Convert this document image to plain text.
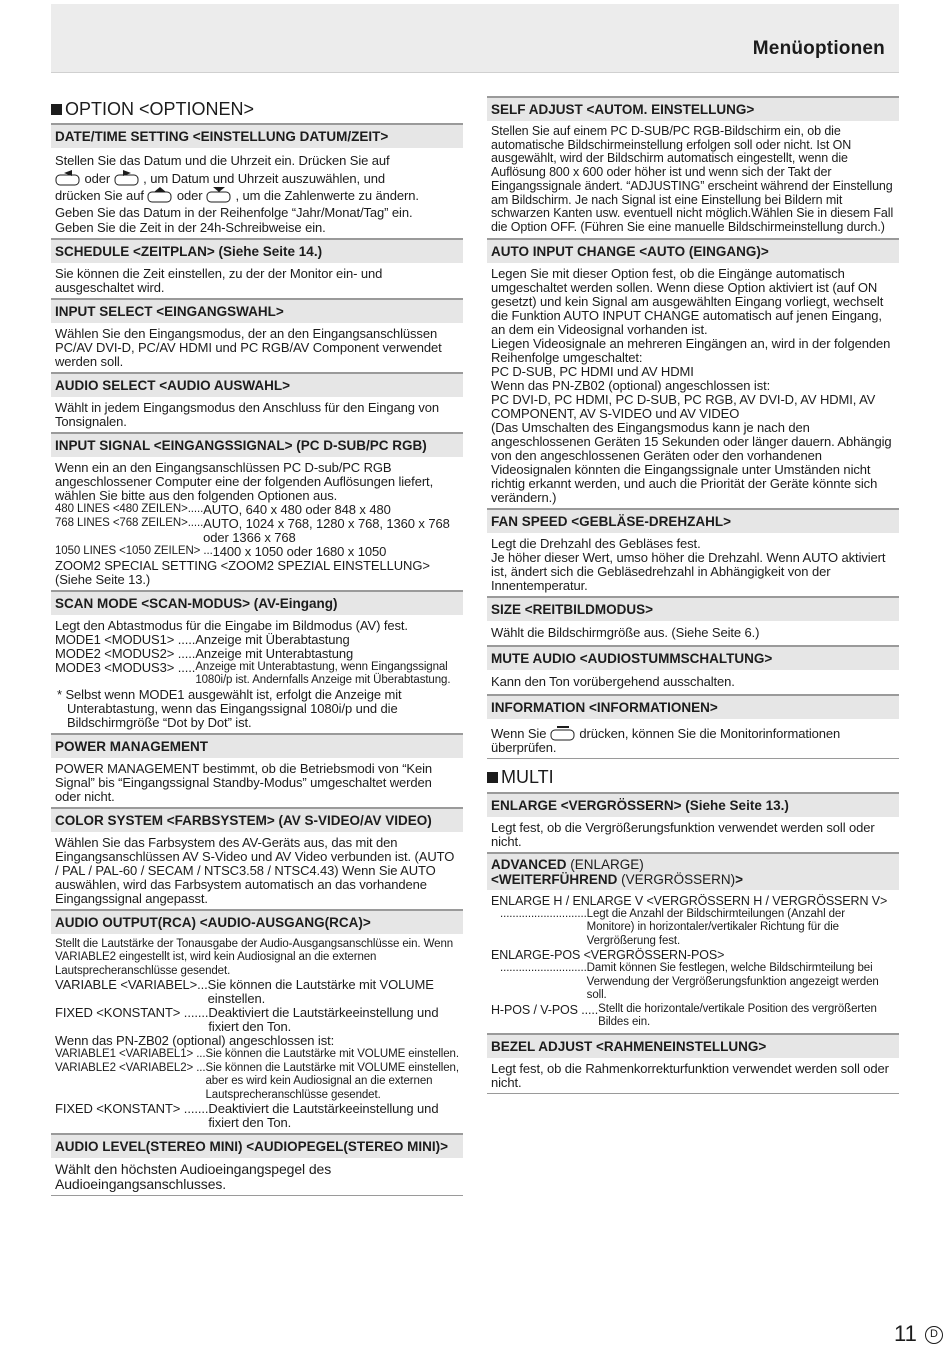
Menüoptionen
OPTION <OPTIONEN>
DATE/TIME SETTING <EINSTELLUNG DATUM/ZEIT>

Stellen Sie das Datum und die Uhrzeit ein. Drücken Sie auf

oder	, um Datum und Uhrzeit auszuwählen, und

drücken Sie auf	oder	, um die Zahlenwerte zu ändern.

Geben Sie das Datum in der Reihenfolge “Jahr/Monat/Tag” ein.

Geben Sie die Zeit in der 24h-Schreibweise ein.

SCHEDULE <ZEITPLAN> (Siehe Seite 14.)
Sie können die Zeit einstellen, zu der der Monitor ein- und ausgeschaltet wird.
INPUT SELECT <EINGANGSWAHL>
Wählen Sie den Eingangsmodus, der an den Eingangsanschlüssen PC/AV DVI-D, PC/AV HDMI und PC RGB/AV Component verwendet werden soll.
AUDIO SELECT <AUDIO AUSWAHL>
Wählt in jedem Eingangsmodus den Anschluss für den Eingang von Tonsignalen.
INPUT SIGNAL <EINGANGSSIGNAL> (PC D-SUB/PC RGB)

Wenn ein an den Eingangsanschlüssen PC D-sub/PC RGB angeschlossener Computer eine der folgenden Auflösungen liefert, wählen Sie bitte aus den folgenden Optionen aus.

480 LINES <480 ZEILEN>..... AUTO, 640 x 480 oder 848 x 480
768 LINES <768 ZEILEN>..... AUTO, 1024 x 768, 1280 x 768, 1360 x 768 oder 1366 x 768
1050 LINES <1050 ZEILEN> ... 1400 x 1050 oder 1680 x 1050

ZOOM2 SPECIAL SETTING <ZOOM2 SPEZIAL EINSTELLUNG> (Siehe Seite 13.)

SCAN MODE <SCAN-MODUS> (AV-Eingang)

Legt den Abtastmodus für die Eingabe im Bildmodus (AV) fest.

MODE1 <MODUS1> ..... Anzeige mit Überabtastung
MODE2 <MODUS2> ..... Anzeige mit Unterabtastung
MODE3 <MODUS3> ..... Anzeige mit Unterabtastung, wenn Eingangssignal 1080i/p ist. Andernfalls Anzeige mit Überabtastung.

* Selbst wenn MODE1 ausgewählt ist, erfolgt die Anzeige mit Unterabtastung, wenn das Eingangssignal 1080i/p und die Bildschirmgröße “Dot by Dot” ist.

POWER MANAGEMENT
POWER MANAGEMENT bestimmt, ob die Betriebsmodi von “Kein Signal” bis “Eingangssignal Standby-Modus” umgeschaltet werden oder nicht.
COLOR SYSTEM <FARBSYSTEM> (AV S-VIDEO/AV VIDEO)
Wählen Sie das Farbsystem des AV-Geräts aus, das mit den Eingangsanschlüssen AV S-Video und AV Video verbunden ist. (AUTO / PAL / PAL-60 / SECAM / NTSC3.58 / NTSC4.43) Wenn Sie AUTO auswählen, wird das Farbsystem automatisch an das vorhandene Eingangssignal angepasst.
AUDIO OUTPUT(RCA) <AUDIO-AUSGANG(RCA)>

Stellt die Lautstärke der Tonausgabe der Audio-Ausgangsanschlüsse ein. Wenn VARIABLE2 eingestellt ist, wird kein Audiosignal an die externen Lautsprecheranschlüsse gesendet.

VARIABLE <VARIABEL>... Sie können die Lautstärke mit VOLUME einstellen.
FIXED <KONSTANT> ....... Deaktiviert die Lautstärkeeinstellung und fixiert den Ton.

Wenn das PN-ZB02 (optional) angeschlossen ist:

VARIABLE1 <VARIABEL1> ... Sie können die Lautstärke mit VOLUME einstellen.
VARIABLE2 <VARIABEL2> ... Sie können die Lautstärke mit VOLUME einstellen, aber es wird kein Audiosignal an die externen Lautsprecheranschlüsse gesendet.
FIXED <KONSTANT> ....... Deaktiviert die Lautstärkeeinstellung und fixiert den Ton.
AUDIO LEVEL(STEREO MINI) <AUDIOPEGEL(STEREO MINI)>
Wählt den höchsten Audioeingangspegel des Audioeingangsanschlusses.
SELF ADJUST <AUTOM. EINSTELLUNG>
Stellen Sie auf einem PC D-SUB/PC RGB-Bildschirm ein, ob die automatische Bildschirmeinstellung erfolgen soll oder nicht. Ist ON ausgewählt, wird der Bildschirm automatisch eingestellt, wenn die Auflösung 800 x 600 oder höher ist und wenn sich der Takt der Eingangssignale ändert. “ADJUSTING” erscheint während der Einstellung am Bildschirm. Je nach Signal ist eine Einstellung bei Bildern mit schwarzen Kanten usw. eventuell nicht möglich.Wählen Sie in diesem Fall die Option OFF. (Führen Sie eine manuelle Bildschirmeinstellung durch.)
AUTO INPUT CHANGE <AUTO (EINGANG)>

Legen Sie mit dieser Option fest, ob die Eingänge automatisch umgeschaltet werden sollen. Wenn diese Option aktiviert ist (auf ON gesetzt) und kein Signal am ausgewählten Eingang vorliegt, wechselt die Funktion AUTO INPUT CHANGE automatisch auf jenen Eingang, an dem ein Videosignal vorhanden ist.

Liegen Videosignale an mehreren Eingängen an, wird in der folgenden Reihenfolge umgeschaltet:

PC D-SUB, PC HDMI und AV HDMI

Wenn das PN-ZB02 (optional) angeschlossen ist:

PC DVI-D, PC HDMI, PC D-SUB, PC RGB, AV DVI-D, AV HDMI, AV COMPONENT, AV S-VIDEO und AV VIDEO

(Das Umschalten des Eingangsmodus kann je nach den angeschlossenen Geräten 15 Sekunden oder länger dauern. Abhängig von den angeschlossenen Geräten oder den vorhandenen Videosignalen könnten die Eingangssignale unter Umständen nicht richtig erkannt werden, und auch die Priorität der Geräte könnte sich verändern.)

FAN SPEED <GEBLÄSE-DREHZAHL>

Legt die Drehzahl des Gebläses fest.

Je höher dieser Wert, umso höher die Drehzahl. Wenn AUTO aktiviert ist, ändert sich die Gebläsedrehzahl in Abhängigkeit von der Innentemperatur.

SIZE <REITBILDMODUS>
Wählt die Bildschirmgröße aus. (Siehe Seite 6.)
MUTE AUDIO <AUDIOSTUMMSCHALTUNG>
Kann den Ton vorübergehend ausschalten.
INFORMATION <INFORMATIONEN>
Wenn Sie	drücken, können Sie die Monitorinformationen überprüfen.
MULTI
ENLARGE <VERGRÖSSERN> (Siehe Seite 13.)
Legt fest, ob die Vergrößerungsfunktion verwendet werden soll oder nicht.
ADVANCED (ENLARGE)
<WEITERFÜHREND (VERGRÖSSERN)>

ENLARGE H / ENLARGE V <VERGRÖSSERN H / VERGRÖSSERN V>

............................ Legt die Anzahl der Bildschirmteilungen (Anzahl der Monitore) in horizontaler/vertikaler Richtung für die Vergrößerung fest.

ENLARGE-POS <VERGRÖSSERN-POS>

............................ Damit können Sie festlegen, welche Bildschirmteilung bei Verwendung der Vergrößerungsfunktion angezeigt werden soll.
H-POS / V-POS ..... Stellt die horizontale/vertikale Position des vergrößerten Bildes ein.
BEZEL ADJUST <RAHMENEINSTELLUNG>
Legt fest, ob die Rahmenkorrekturfunktion verwendet werden soll oder nicht.
11	D
